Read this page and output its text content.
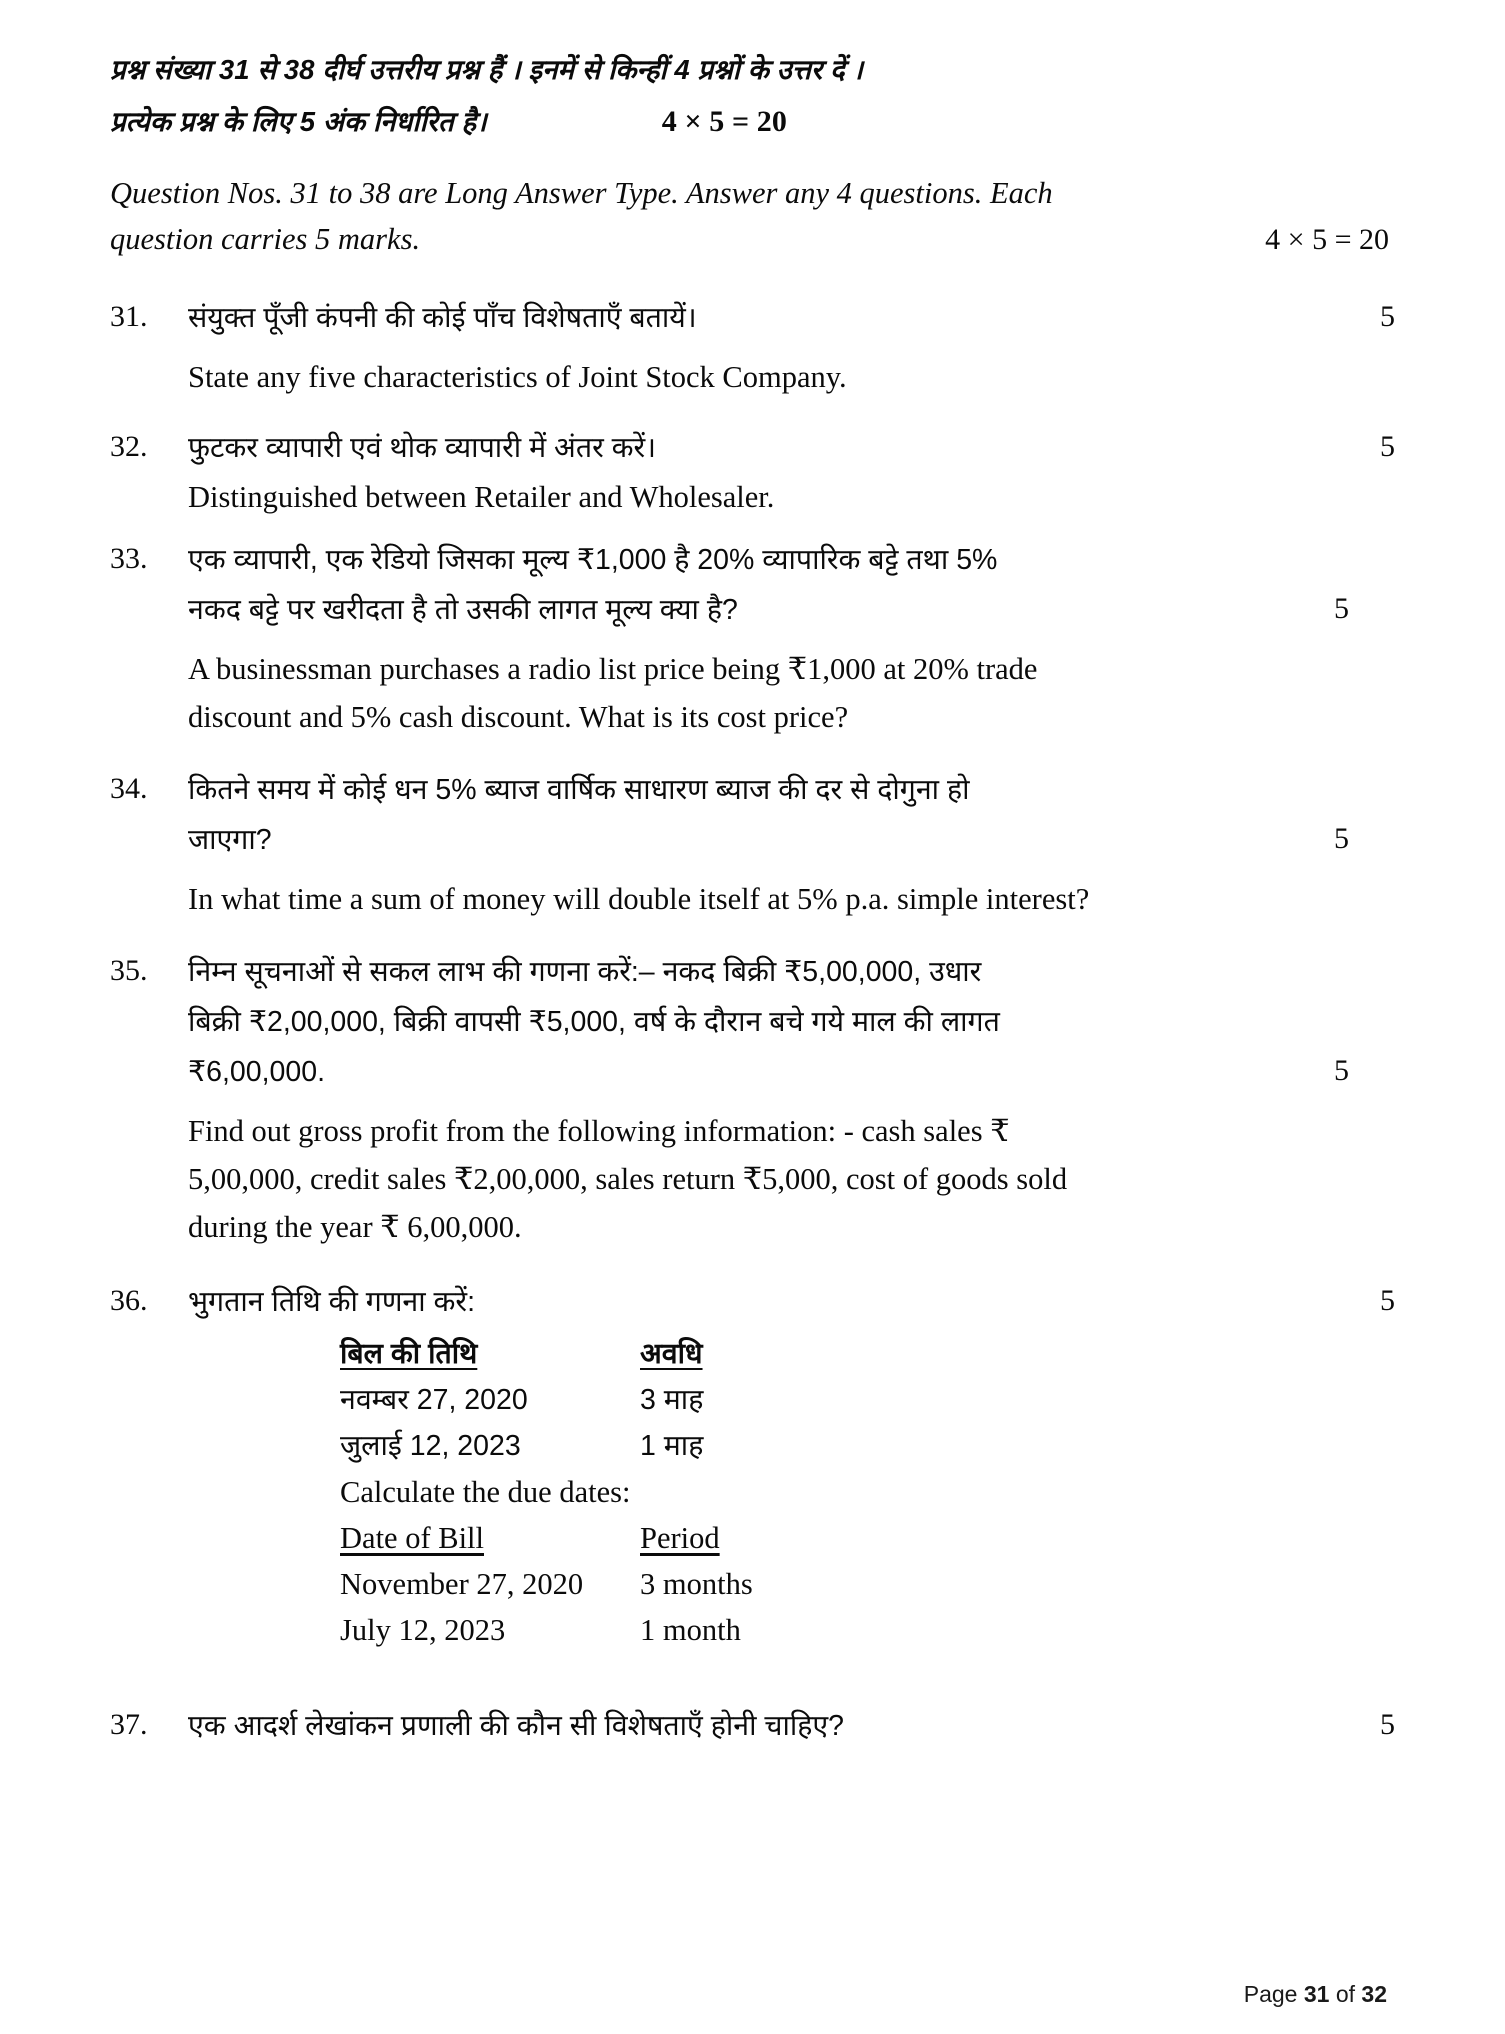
प्रश्न संख्या 31 से 38 दीर्घ उत्तरीय प्रश्न हैं । इनमें से किन्हीं 4 प्रश्नों के उत्तर दें ।
प्रत्येक प्रश्न के लिए 5 अंक निर्धारित है।	4 × 5 = 20
Question Nos. 31 to 38 are Long Answer Type. Answer any 4 questions. Each
question carries 5 marks.	4 × 5 = 20
31.	संयुक्त पूँजी कंपनी की कोई पाँच विशेषताएँ बतायें।
State any five characteristics of Joint Stock Company.
5
32.	फुटकर व्यापारी एवं थोक व्यापारी में अंतर करें।
Distinguished between Retailer and Wholesaler.
5
33.	एक व्यापारी, एक रेडियो जिसका मूल्य ₹1,000 है 20% व्यापारिक बट्टे तथा 5%
नकद बट्टे पर खरीदता है तो उसकी लागत मूल्य क्या है?	5
A businessman purchases a radio list price being ₹1,000 at 20% trade
discount and 5% cash discount. What is its cost price?
34.	कितने समय में कोई धन 5% ब्याज वार्षिक साधारण ब्याज की दर से दोगुना हो
जाएगा?	5
In what time a sum of money will double itself at 5% p.a. simple interest?
35.	निम्न सूचनाओं से सकल लाभ की गणना करें:– नकद बिक्री ₹5,00,000, उधार
बिक्री ₹2,00,000, बिक्री वापसी ₹5,000, वर्ष के दौरान बचे गये माल की लागत
₹6,00,000.	5
Find out gross profit from the following information: - cash sales ₹
5,00,000, credit sales ₹2,00,000, sales return ₹5,000, cost of goods sold
during the year ₹ 6,00,000.
36.	भुगतान तिथि की गणना करें:
बिल की तिथि	अवधि
नवम्बर 27, 2020	3 माह
जुलाई 12, 2023	1 माह
Calculate the due dates:
Date of Bill	Period
November 27, 2020	3 months
July 12, 2023	1 month
5
37.	एक आदर्श लेखांकन प्रणाली की कौन सी विशेषताएँ होनी चाहिए?	5
Page 31 of 32
